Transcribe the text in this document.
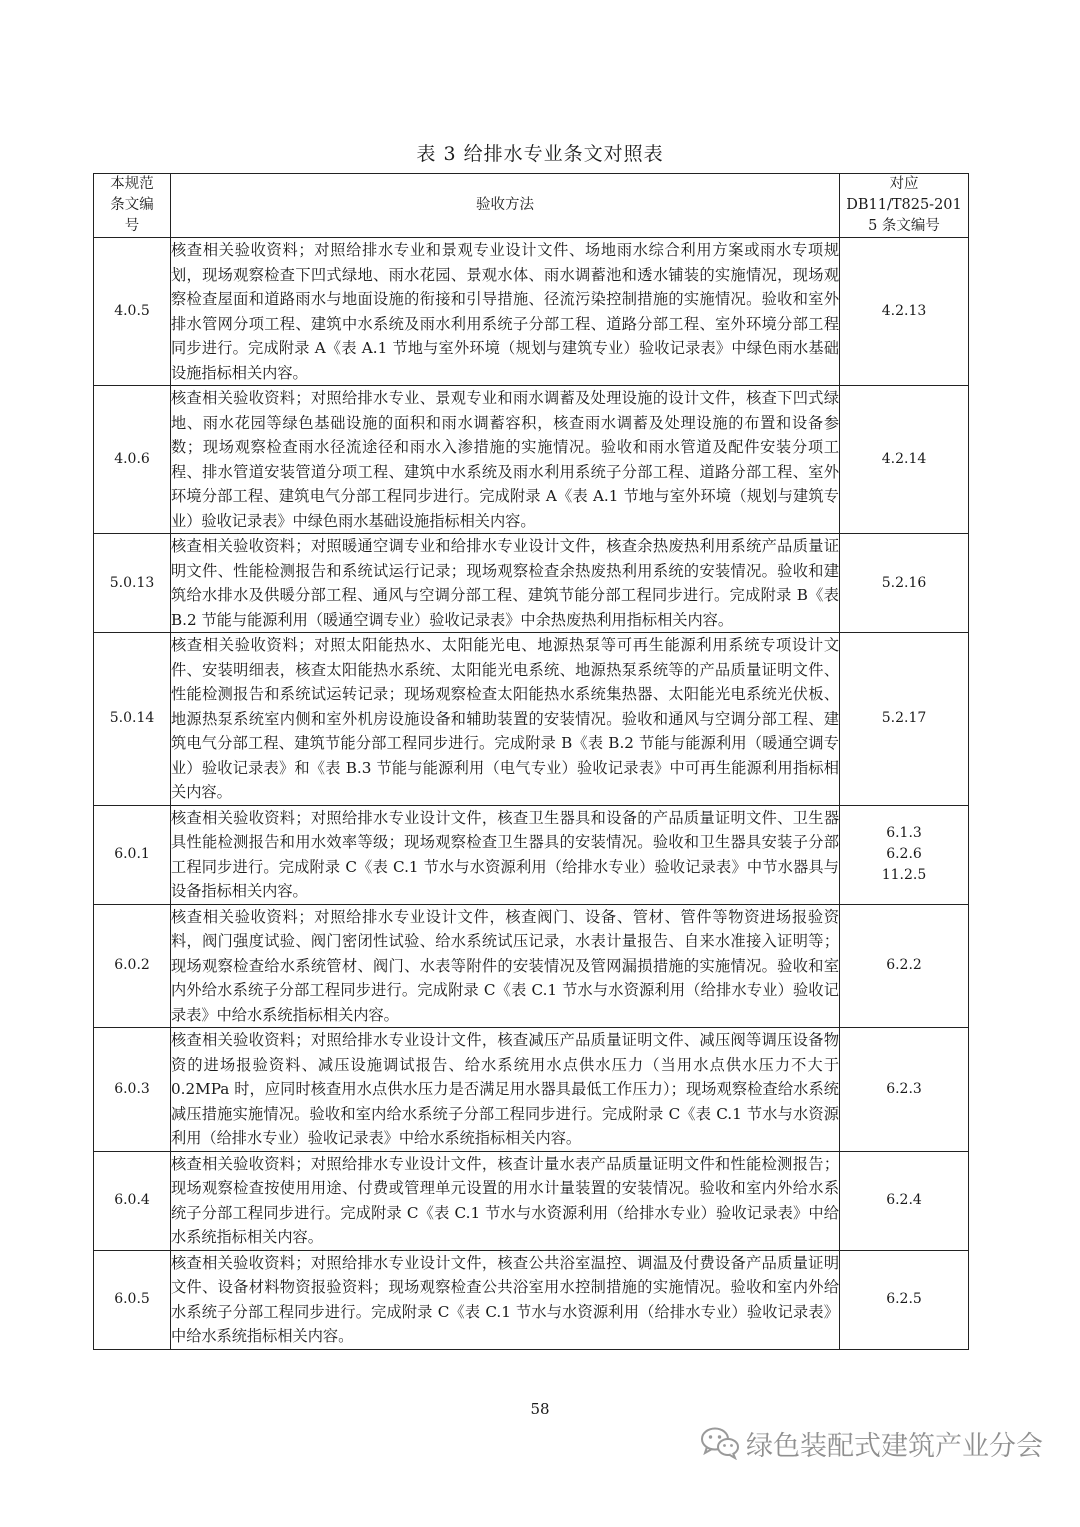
表 3 给排水专业条文对照表
本规范
条文编
号	验收方法	对应
DB11/T825-201
5 条文编号

4.0.5	核查相关验收资料；对照给排水专业和景观专业设计文件、场地雨水综合利用方案或雨水专项规划，现场观察检查下凹式绿地、雨水花园、景观水体、雨水调蓄池和透水铺装的实施情况，现场观察检查屋面和道路雨水与地面设施的衔接和引导措施、径流污染控制措施的实施情况。验收和室外排水管网分项工程、建筑中水系统及雨水利用系统子分部工程、道路分部工程、室外环境分部工程同步进行。完成附录 A《表 A.1 节地与室外环境（规划与建筑专业）验收记录表》中绿色雨水基础设施指标相关内容。	4.2.13
4.0.6	核查相关验收资料；对照给排水专业、景观专业和雨水调蓄及处理设施的设计文件，核查下凹式绿地、雨水花园等绿色基础设施的面积和雨水调蓄容积，核查雨水调蓄及处理设施的布置和设备参数；现场观察检查雨水径流途径和雨水入渗措施的实施情况。验收和雨水管道及配件安装分项工程、排水管道安装管道分项工程、建筑中水系统及雨水利用系统子分部工程、道路分部工程、室外环境分部工程、建筑电气分部工程同步进行。完成附录 A《表 A.1 节地与室外环境（规划与建筑专业）验收记录表》中绿色雨水基础设施指标相关内容。	4.2.14
5.0.13	核查相关验收资料；对照暖通空调专业和给排水专业设计文件，核查余热废热利用系统产品质量证明文件、性能检测报告和系统试运行记录；现场观察检查余热废热利用系统的安装情况。验收和建筑给水排水及供暖分部工程、通风与空调分部工程、建筑节能分部工程同步进行。完成附录 B《表 B.2 节能与能源利用（暖通空调专业）验收记录表》中余热废热利用指标相关内容。	5.2.16
5.0.14	核查相关验收资料；对照太阳能热水、太阳能光电、地源热泵等可再生能源利用系统专项设计文件、安装明细表，核查太阳能热水系统、太阳能光电系统、地源热泵系统等的产品质量证明文件、性能检测报告和系统试运转记录；现场观察检查太阳能热水系统集热器、太阳能光电系统光伏板、地源热泵系统室内侧和室外机房设施设备和辅助装置的安装情况。验收和通风与空调分部工程、建筑电气分部工程、建筑节能分部工程同步进行。完成附录 B《表 B.2 节能与能源利用（暖通空调专业）验收记录表》和《表 B.3 节能与能源利用（电气专业）验收记录表》中可再生能源利用指标相关内容。	5.2.17
6.0.1	核查相关验收资料；对照给排水专业设计文件，核查卫生器具和设备的产品质量证明文件、卫生器具性能检测报告和用水效率等级；现场观察检查卫生器具的安装情况。验收和卫生器具安装子分部工程同步进行。完成附录 C《表 C.1 节水与水资源利用（给排水专业）验收记录表》中节水器具与设备指标相关内容。	6.1.3
6.2.6
11.2.5

6.0.2	核查相关验收资料；对照给排水专业设计文件，核查阀门、设备、管材、管件等物资进场报验资料，阀门强度试验、阀门密闭性试验、给水系统试压记录，水表计量报告、自来水准接入证明等；现场观察检查给水系统管材、阀门、水表等附件的安装情况及管网漏损措施的实施情况。验收和室内外给水系统子分部工程同步进行。完成附录 C《表 C.1 节水与水资源利用（给排水专业）验收记录表》中给水系统指标相关内容。	6.2.2
6.0.3	核查相关验收资料；对照给排水专业设计文件，核查减压产品质量证明文件、减压阀等调压设备物资的进场报验资料、减压设施调试报告、给水系统用水点供水压力（当用水点供水压力不大于 0.2MPa 时，应同时核查用水点供水压力是否满足用水器具最低工作压力）；现场观察检查给水系统减压措施实施情况。验收和室内给水系统子分部工程同步进行。完成附录 C《表 C.1 节水与水资源利用（给排水专业）验收记录表》中给水系统指标相关内容。	6.2.3
6.0.4	核查相关验收资料；对照给排水专业设计文件，核查计量水表产品质量证明文件和性能检测报告；现场观察检查按使用用途、付费或管理单元设置的用水计量装置的安装情况。验收和室内外给水系统子分部工程同步进行。完成附录 C《表 C.1 节水与水资源利用（给排水专业）验收记录表》中给水系统指标相关内容。	6.2.4
6.0.5	核查相关验收资料；对照给排水专业设计文件，核查公共浴室温控、调温及付费设备产品质量证明文件、设备材料物资报验资料；现场观察检查公共浴室用水控制措施的实施情况。验收和室内外给水系统子分部工程同步进行。完成附录 C《表 C.1 节水与水资源利用（给排水专业）验收记录表》中给水系统指标相关内容。	6.2.5
58
绿色装配式建筑产业分会
